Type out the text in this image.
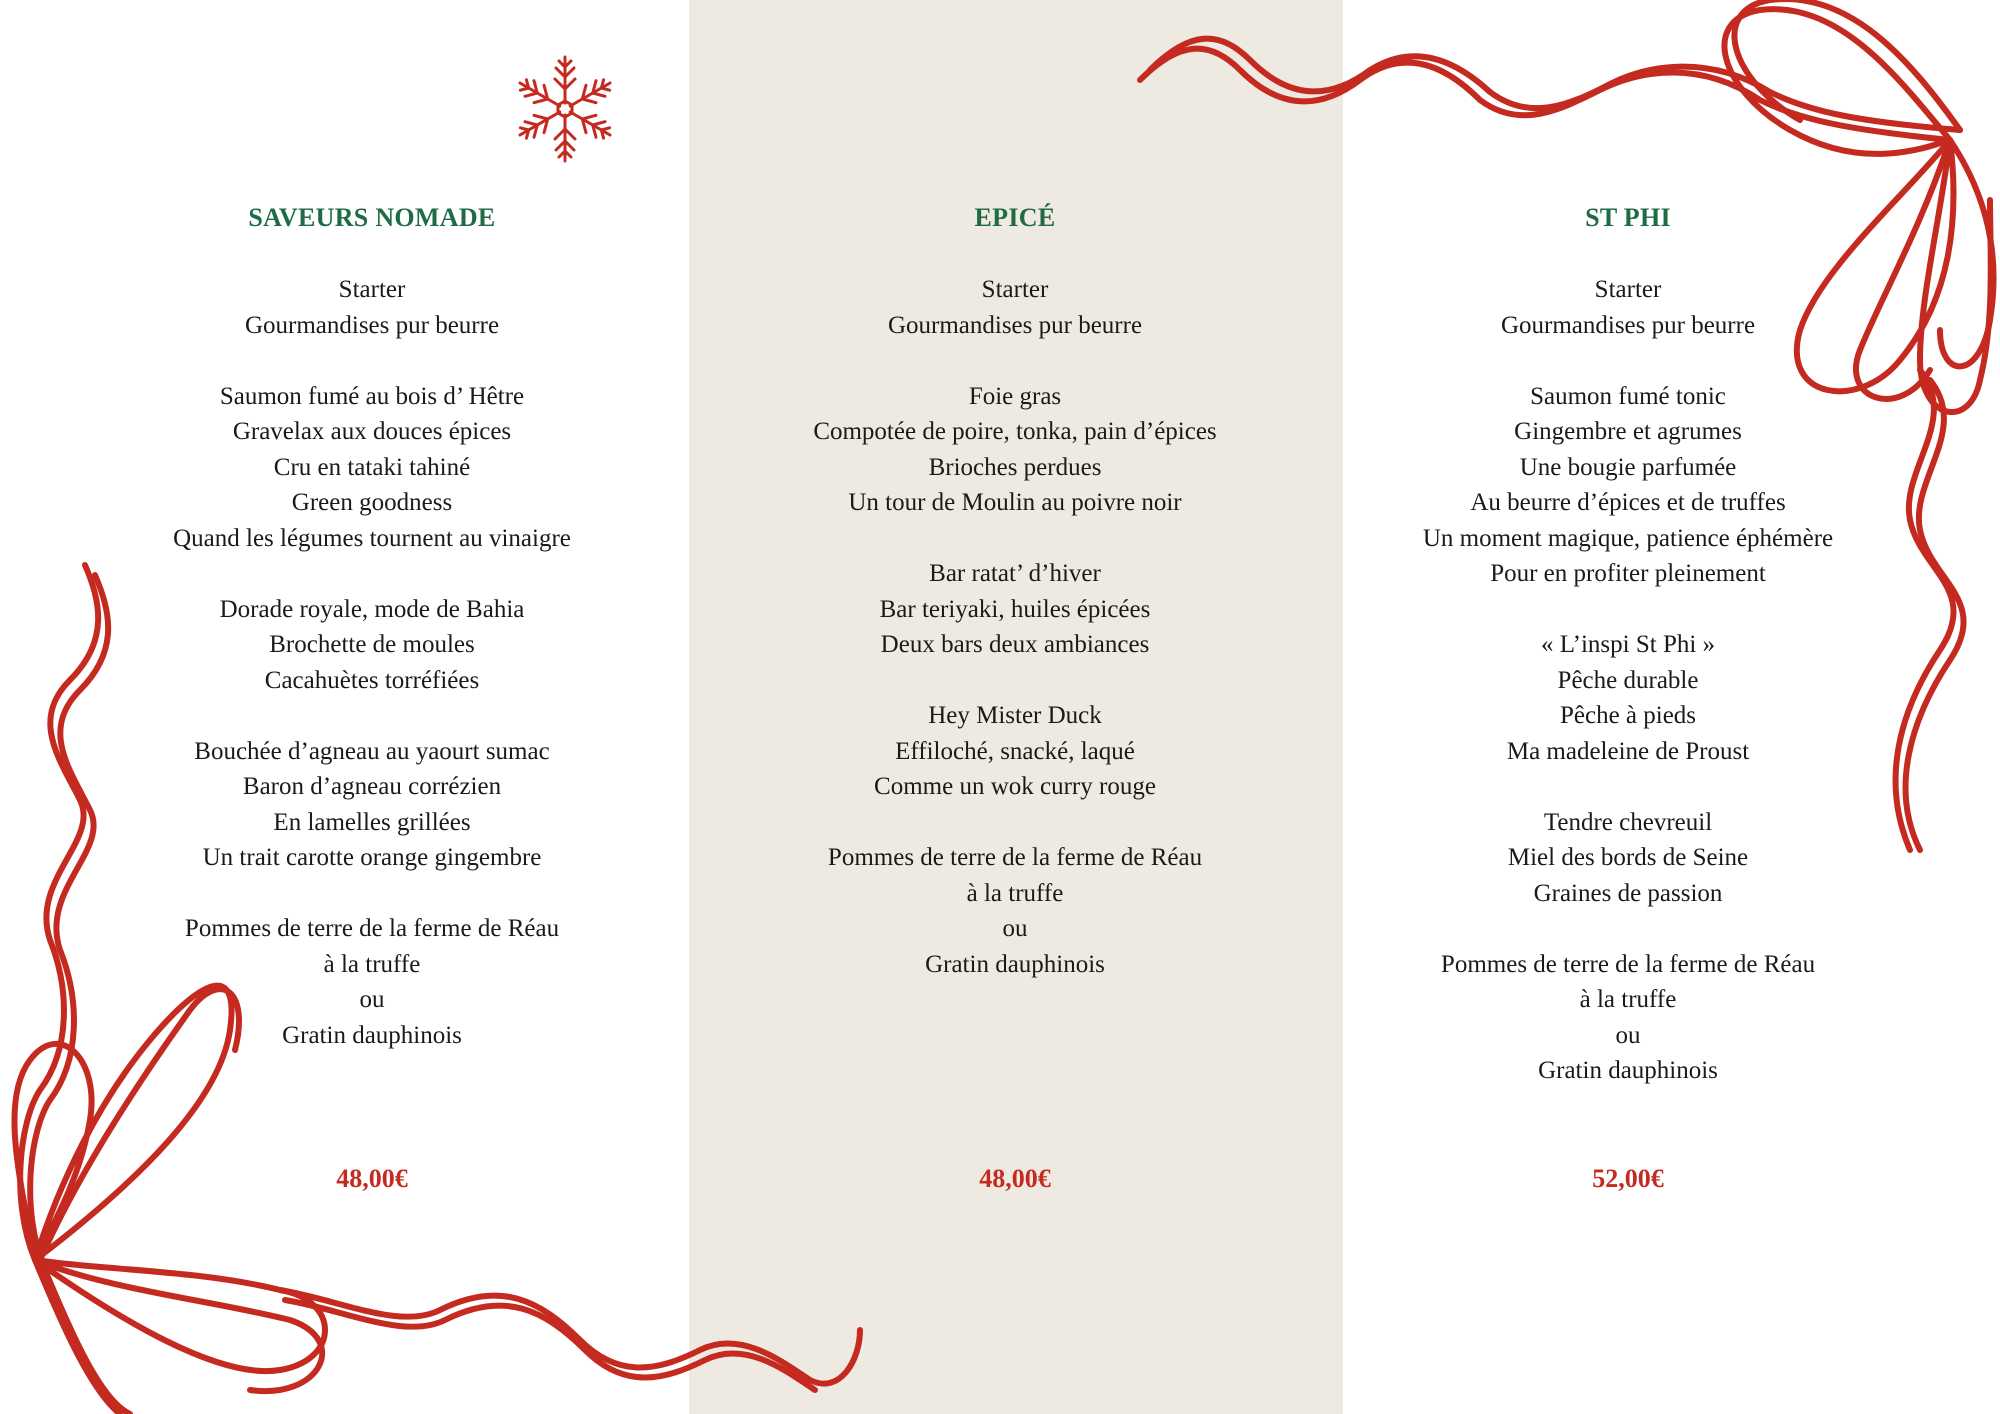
SAVEURS NOMADE
Starter
Gourmandises pur beurre
Saumon fumé au bois d’ Hêtre
Gravelax aux douces épices
Cru en tataki tahiné
Green goodness
Quand les légumes tournent au vinaigre
Dorade royale, mode de Bahia
Brochette de moules
Cacahuètes torréfiées
Bouchée d’agneau au yaourt sumac
Baron d’agneau corrézien
En lamelles grillées
Un trait carotte orange gingembre
Pommes de terre de la ferme de Réau
à la truffe
ou
Gratin dauphinois
EPICÉ
Starter
Gourmandises pur beurre
Foie gras
Compotée de poire, tonka, pain d’épices
Brioches perdues
Un tour de Moulin au poivre noir
Bar ratat’ d’hiver
Bar teriyaki, huiles épicées
Deux bars deux ambiances
Hey Mister Duck
Effiloché, snacké, laqué
Comme un wok curry rouge
Pommes de terre de la ferme de Réau
à la truffe
ou
Gratin dauphinois
ST PHI
Starter
Gourmandises pur beurre
Saumon fumé tonic
Gingembre et agrumes
Une bougie parfumée
Au beurre d’épices et de truffes
Un moment magique, patience éphémère
Pour en profiter pleinement
« L’inspi St Phi »
Pêche durable
Pêche à pieds
Ma madeleine de Proust
Tendre chevreuil
Miel des bords de Seine
Graines de passion
Pommes de terre de la ferme de Réau
à la truffe
ou
Gratin dauphinois
48,00€	48,00€	52,00€
